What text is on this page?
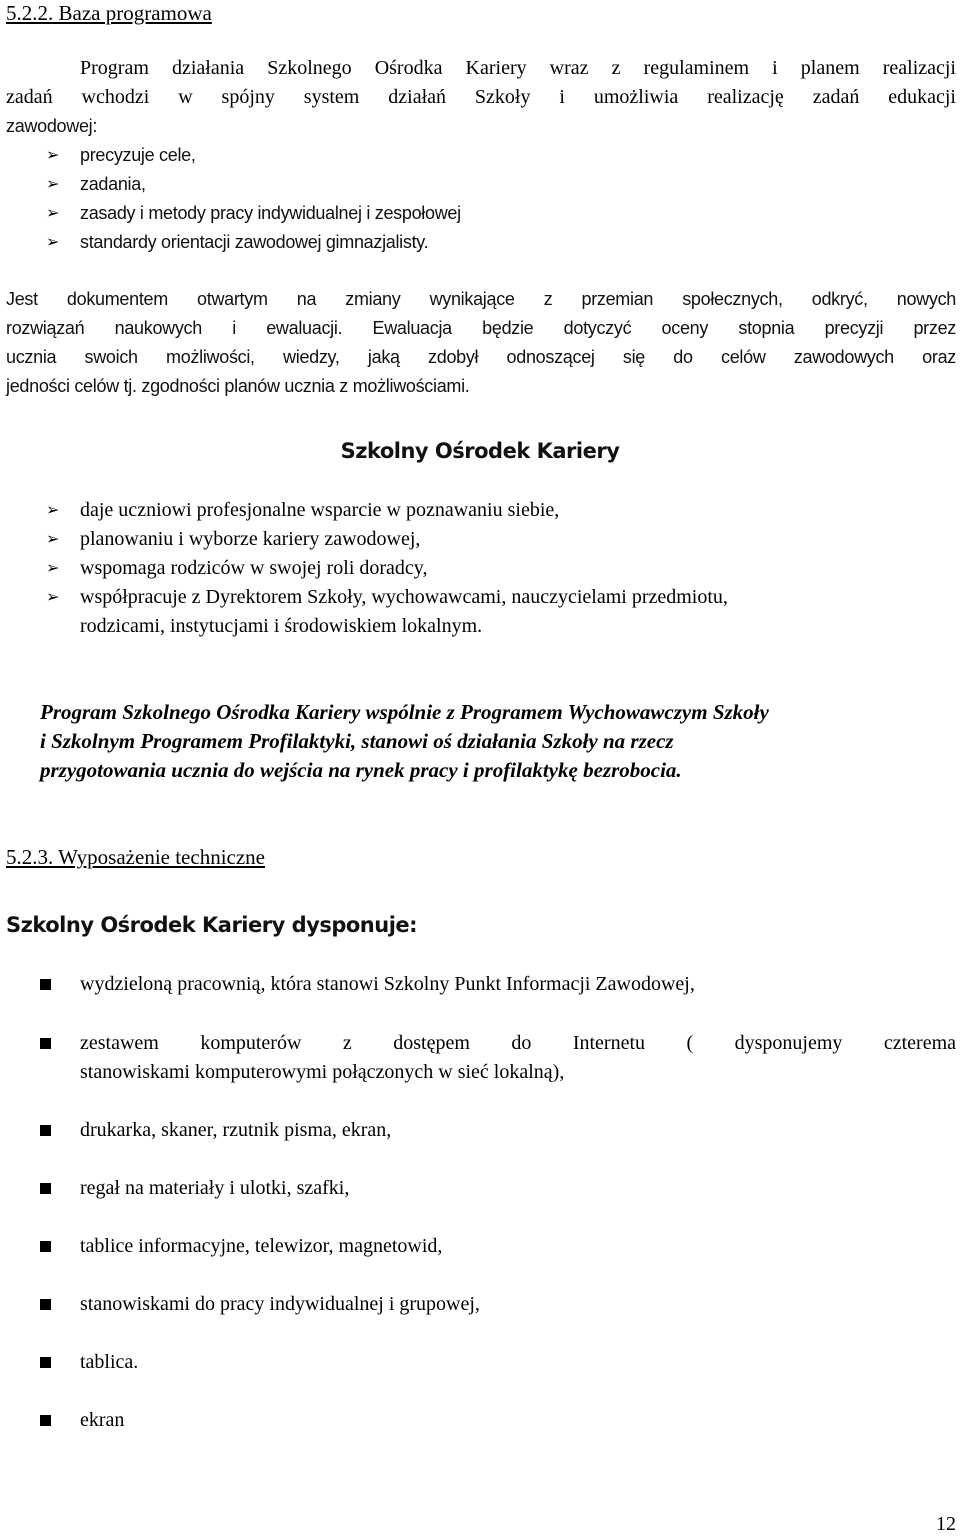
5.2.2. Baza programowa
Program działania Szkolnego Ośrodka Kariery wraz z regulaminem i planem realizacji
zadań wchodzi w spójny system działań Szkoły i umożliwia realizację zadań edukacji
zawodowej:
➢ precyzuje cele,
➢ zadania,
➢ zasady i metody pracy indywidualnej i zespołowej
➢ standardy orientacji zawodowej gimnazjalisty.
Jest dokumentem otwartym na zmiany wynikające z przemian społecznych, odkryć, nowych
rozwiązań naukowych i ewaluacji. Ewaluacja będzie dotyczyć oceny stopnia precyzji przez
ucznia swoich możliwości, wiedzy, jaką zdobył odnoszącej się do celów zawodowych oraz
jedności celów tj. zgodności planów ucznia z możliwościami.
Szkolny Ośrodek Kariery
➢ daje uczniowi profesjonalne wsparcie w poznawaniu siebie,
➢ planowaniu i wyborze kariery zawodowej,
➢ wspomaga rodziców w swojej roli doradcy,
➢ współpracuje z Dyrektorem Szkoły, wychowawcami, nauczycielami przedmiotu,
rodzicami, instytucjami i środowiskiem lokalnym.
Program Szkolnego Ośrodka Kariery wspólnie z Programem Wychowawczym Szkoły
i Szkolnym Programem Profilaktyki, stanowi oś działania Szkoły na rzecz
przygotowania ucznia do wejścia na rynek pracy i profilaktykę bezrobocia.
5.2.3. Wyposażenie techniczne
Szkolny Ośrodek Kariery dysponuje:
wydzieloną pracownią, która stanowi Szkolny Punkt Informacji Zawodowej,
zestawem komputerów z dostępem do Internetu ( dysponujemy czterema
stanowiskami komputerowymi połączonych w sieć lokalną),
drukarka, skaner, rzutnik pisma, ekran,
regał na materiały i ulotki, szafki,
tablice informacyjne, telewizor, magnetowid,
stanowiskami do pracy indywidualnej i grupowej,
tablica.
ekran
12
